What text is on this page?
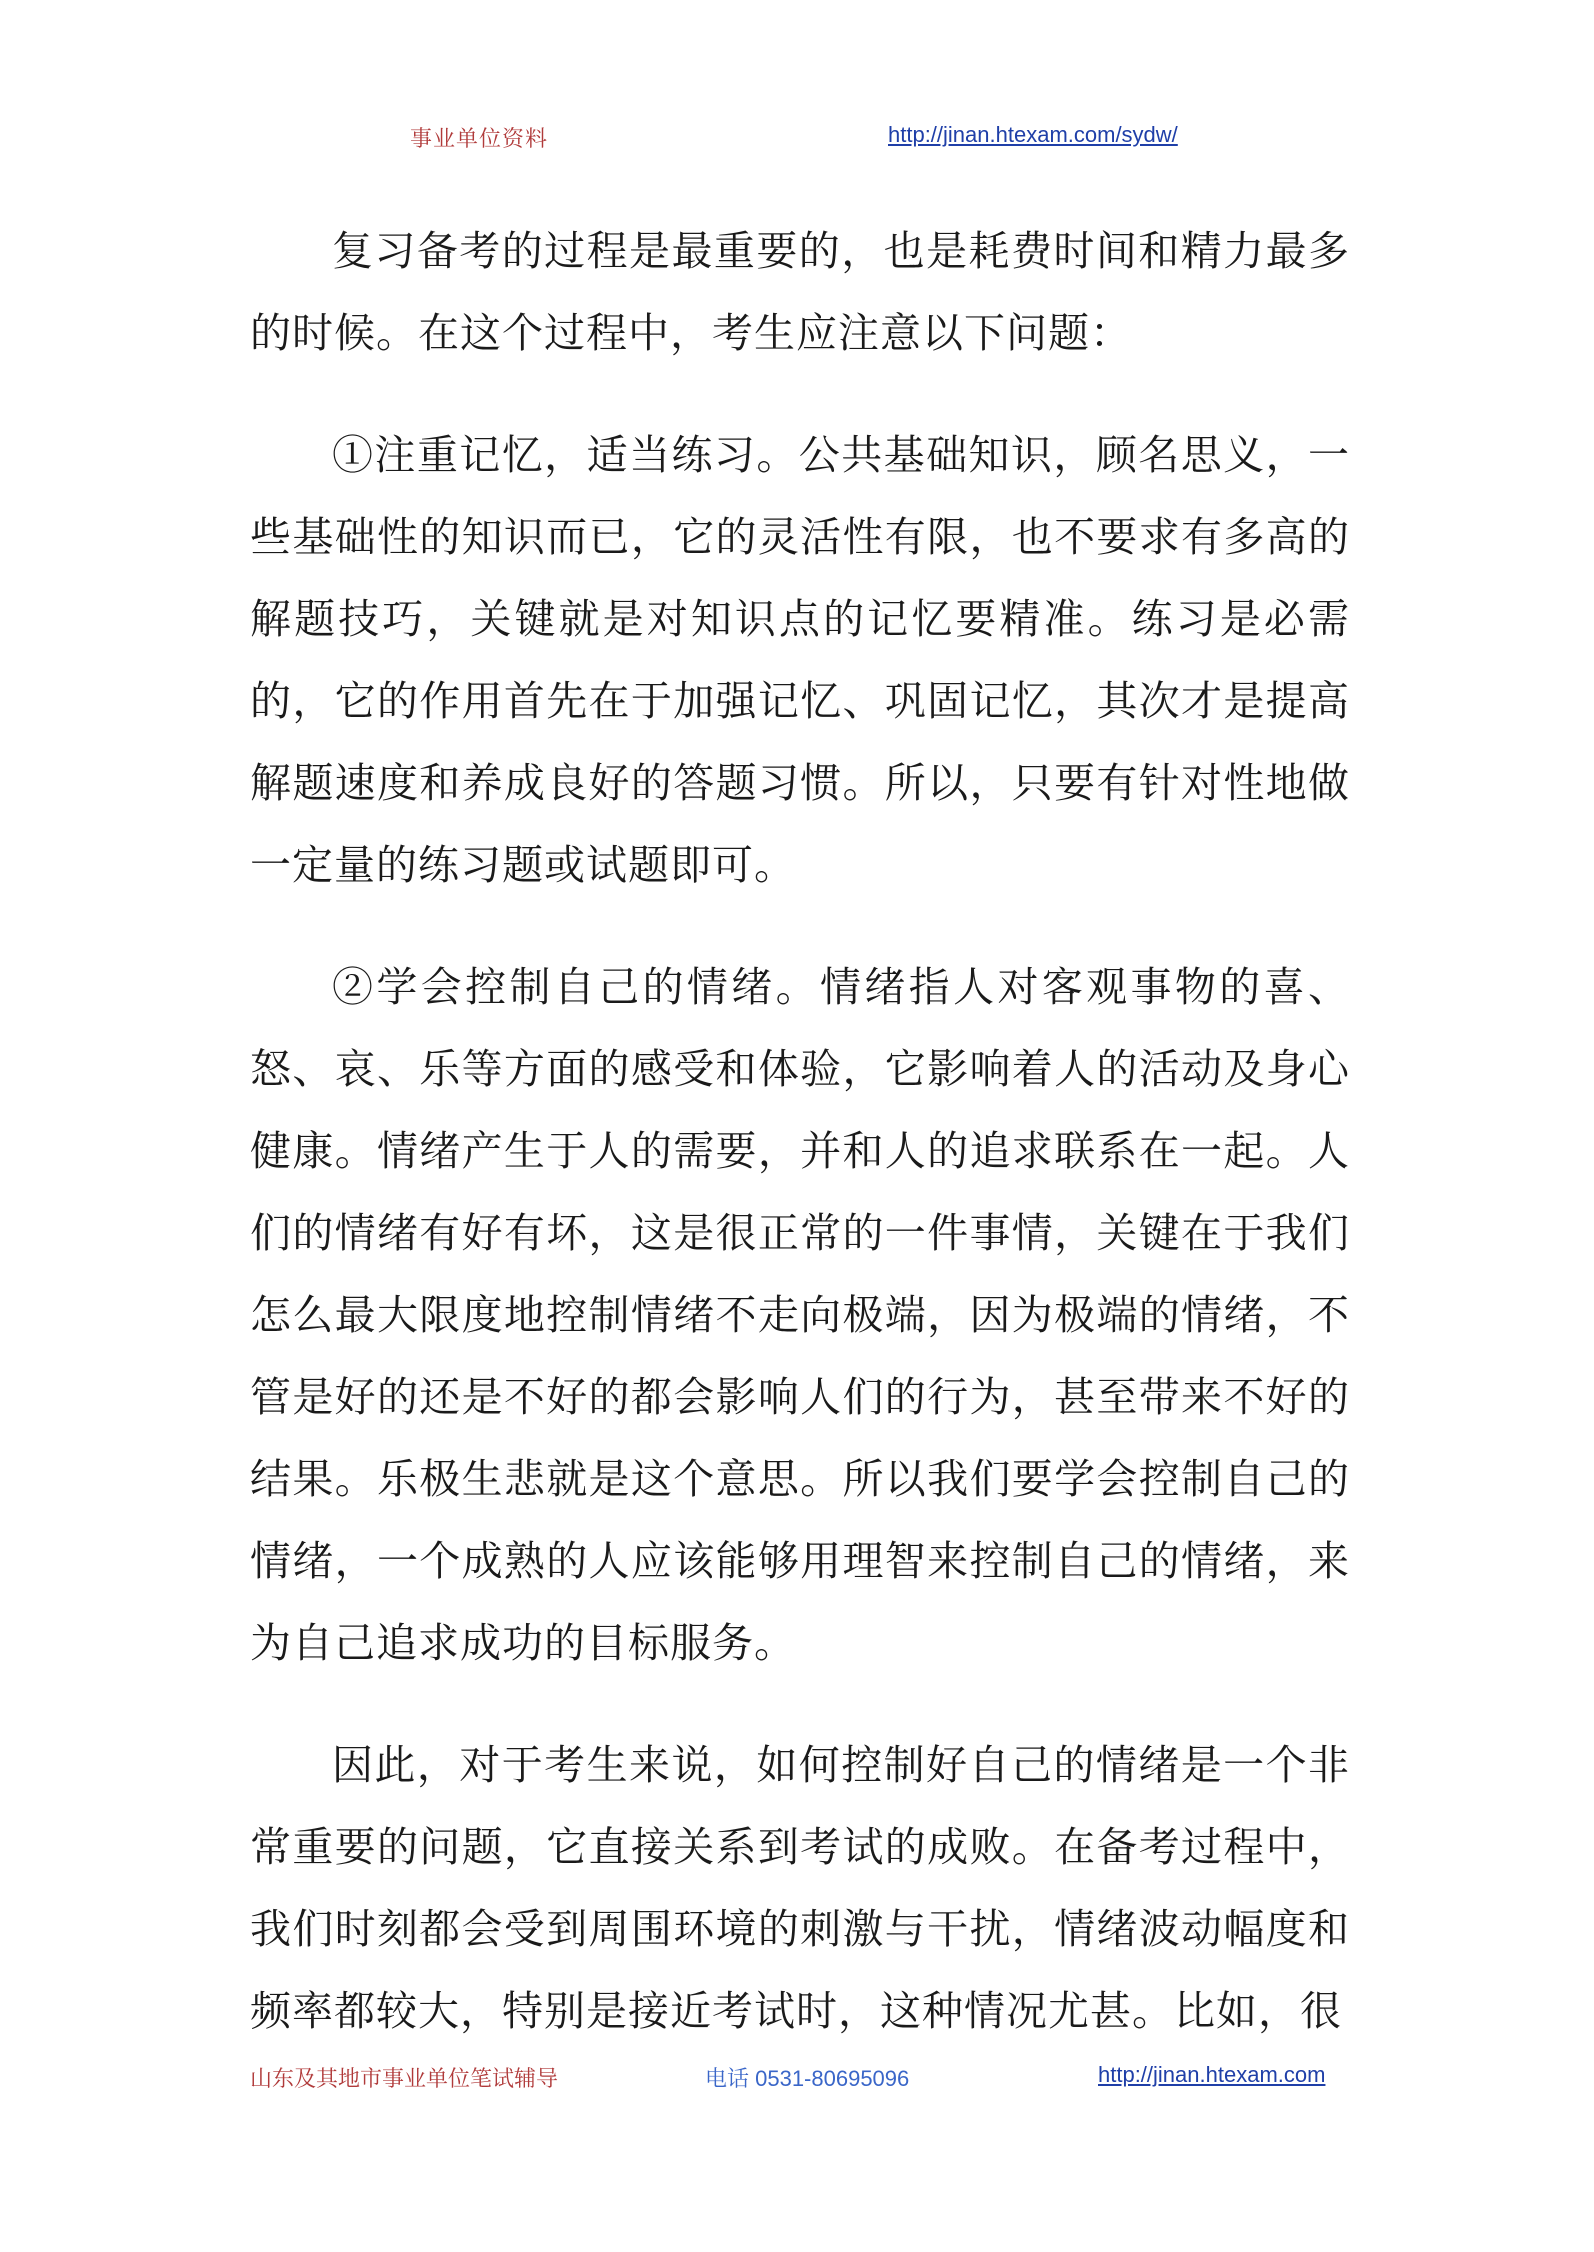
事业单位资料	http://jinan.htexam.com/sydw/

复习备考的过程是最重要的，也是耗费时间和精力最多的时候。在这个过程中，考生应注意以下问题：

①注重记忆，适当练习。公共基础知识，顾名思义，一些基础性的知识而已，它的灵活性有限，也不要求有多高的解题技巧，关键就是对知识点的记忆要精准。练习是必需的，它的作用首先在于加强记忆、巩固记忆，其次才是提高解题速度和养成良好的答题习惯。所以，只要有针对性地做一定量的练习题或试题即可。

②学会控制自己的情绪。情绪指人对客观事物的喜、怒、哀、乐等方面的感受和体验，它影响着人的活动及身心健康。情绪产生于人的需要，并和人的追求联系在一起。人们的情绪有好有坏，这是很正常的一件事情，关键在于我们怎么最大限度地控制情绪不走向极端，因为极端的情绪，不管是好的还是不好的都会影响人们的行为，甚至带来不好的结果。乐极生悲就是这个意思。所以我们要学会控制自己的情绪，一个成熟的人应该能够用理智来控制自己的情绪，来为自己追求成功的目标服务。

因此，对于考生来说，如何控制好自己的情绪是一个非常重要的问题，它直接关系到考试的成败。在备考过程中，我们时刻都会受到周围环境的刺激与干扰，情绪波动幅度和频率都较大，特别是接近考试时，这种情况尤甚。比如，很

山东及其地市事业单位笔试辅导	电话 0531-80695096	http://jinan.htexam.com
